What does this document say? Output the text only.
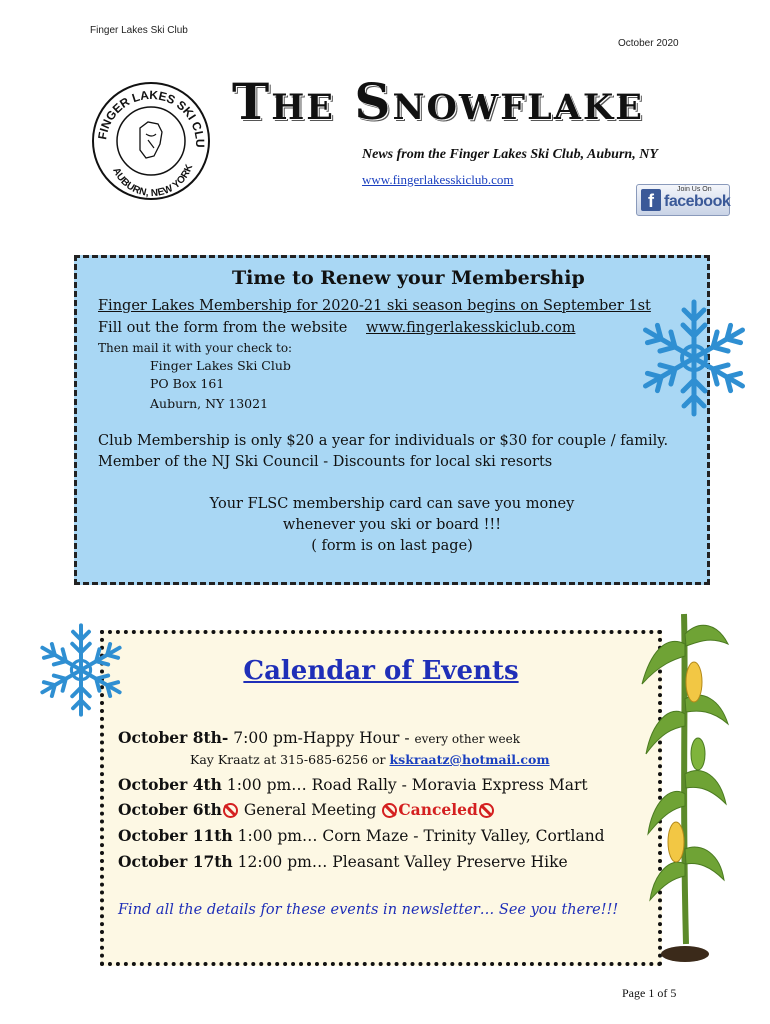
Finger Lakes Ski Club
October 2020
FINGER LAKES SKI CLUB
AUBURN, NEW YORK
The Snowflake
News from the Finger Lakes Ski Club, Auburn, NY
www.fingerlakesskiclub.com
f
Join Us On
facebook
Time to Renew your Membership
Finger Lakes Membership for 2020-21 ski season begins on September 1st
Fill out the form from the website www.fingerlakesskiclub.com
Then mail it with your check to:
Finger Lakes Ski Club
PO Box 161
Auburn, NY 13021
Club Membership is only $20 a year for individuals or $30 for couple / family.
Member of the NJ Ski Council - Discounts for local ski resorts
Your FLSC membership card can save you money
whenever you ski or board !!!
( form is on last page)
Calendar of Events
October 8th- 7:00 pm-Happy Hour - every other week
Kay Kraatz at 315-685-6256 or kskraatz@hotmail.com
October 4th 1:00 pm… Road Rally - Moravia Express Mart
October 6th General Meeting Canceled
October 11th 1:00 pm… Corn Maze - Trinity Valley, Cortland
October 17th 12:00 pm… Pleasant Valley Preserve Hike
Find all the details for these events in newsletter… See you there!!!
Page 1 of 5
